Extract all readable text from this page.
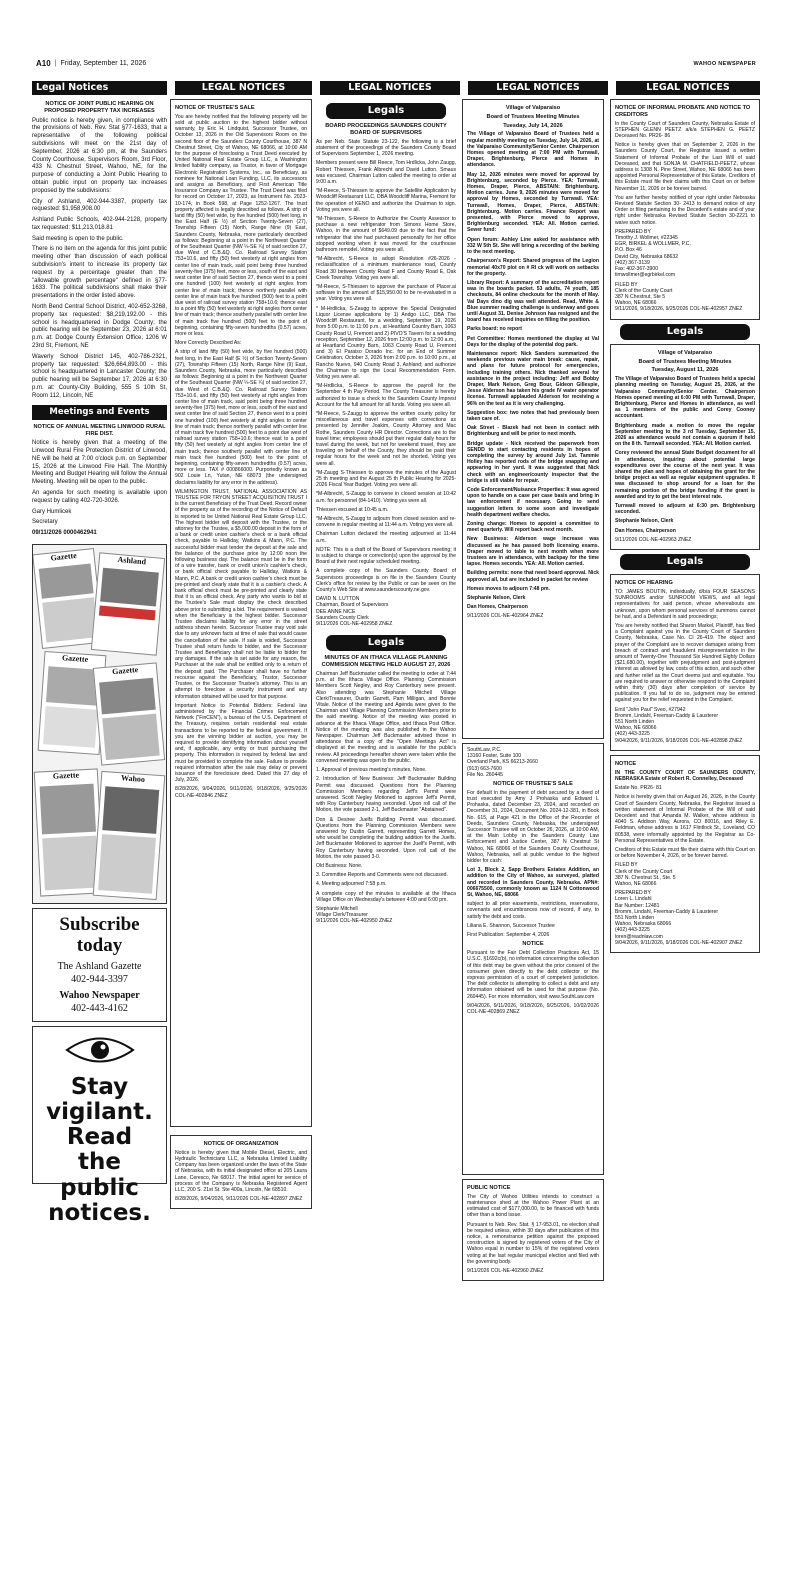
A10 | Friday, September 11, 2026	WAHOO NEWSPAPER
Legal Notices	LEGAL NOTICES	LEGAL NOTICES	LEGAL NOTICES	LEGAL NOTICES
NOTICE OF JOINT PUBLIC HEARING ON PROPOSED PROPERTY TAX INCREASES

Public notice is hereby given, in compliance with the provisions of Neb. Rev. Stat §77-1633, that a representative of the following political subdivisions will meet on the 21st day of September, 2026 at 6:30 pm, at the Saunders County Courthouse, Supervisors Room, 3rd Floor, 433 N. Chestnut Street, Wahoo, NE, for the purpose of conducting a Joint Public Hearing to obtain public input on property tax increases proposed by the subdivisions:

City of Ashland, 402-944-3387, property tax requested: $1,958,908.00

Ashland Public Schools, 402-944-2128, property tax requested: $11,213,018.81

Said meeting is open to the public.

There is no item on the agenda for this joint public meeting other than discussion of each political subdivision's intent to increase its property tax request by a percentage greater than the "allowable growth percentage" defined in §77-1633. The political subdivisions shall make their presentations in the order listed above.

North Bend Central School District, 402-652-3268, property tax requested: $8,219,192.00 - this school is headquartered in Dodge County; the public hearing will be September 23, 2026 at 6:01 p.m. at: Dodge County Extension Office, 1206 W 23rd St, Fremont, NE

Waverly School District 145, 402-786-2321, property tax requested: $26,664,893.00 - this school is headquartered in Lancaster County; the public hearing will be September 17, 2026 at 6:30 p.m. at: County-City Building, 555 S 10th St, Room 112, Lincoln, NE

Meetings and Events
NOTICE OF ANNUAL MEETING LINWOOD RURAL FIRE DIST.

Notice is hereby given that a meeting of the Linwood Rural Fire Protection District of Linwood, NE will be held at 7:00 o'clock p.m. on September 15, 2026 at the Linwood Fire Hall. The Monthly Meeting and Budget Hearing will follow the Annual Meeting. Meeting will be open to the public.

An agenda for such meeting is available upon request by calling 402-720-3026.

Gary Humlicek

Secretary

09/11/2026 0000462941

Gazette	Ashland
Gazette
Gazette
Gazette	Wahoo
Subscribe
today
The Ashland Gazette
402-944-3397
Wahoo Newspaper
402-443-4162
Stay
vigilant.
Read
the
public
notices.
NOTICE OF TRUSTEE'S SALE

You are hereby notified that the following property will be sold at public auction to the highest bidder without warranty, by Eric H. Lindquist, Successor Trustee, on October 13, 2026 in the Old Supervisors Room on the second floor of the Saunders County Courthouse, 387 N Chestnut Street, City of Wahoo, NE 68066, at 10:00 AM for the purpose of foreclosing a Trust Deed executed by United National Real Estate Group LLC, a Washington limited liability company, as Trustor, in favor of Mortgage Electronic Registration Systems, Inc., as Beneficiary, as nominee for National Loan Funding, LLC, its successors and assigns as Beneficiary, and First American Title Insurance Company as Trustee. The Trust Deed was filed for record on October 17, 2023, as Instrument No. 2023-10-174, in Book 598, at Page 1252-1267. The trust property affected is legally described as follows. A strip of land fifty (50) feet wide, by five hundred (500) feet long, in the East Half (E ½) of Section Twenty-Seven (27), Township Fifteen (15) North, Range Nine (9) East, Saunders County, Nebraska, more particularly described as follows: Beginning at a point in the Northwest Quarter of the Southeast Quarter (NW ¼-SE ¼) of said section 27, due West of C.B.&Q. Co. Railroad Survey Station 753+10.6, and fifty (50) feet westerly at right angles from center line of main track, said point being three hundred seventy-five (375) feet, more or less, south of the east and west center line of said Section 27, thence west to a point one hundred (100) feet westerly at right angles from center line of main track; thence northerly parallel with center line of main track five hundred (500) feet to a point due west of railroad survey station 758+10.6; thence east to a point fifty (50) feet westerly at right angles from center line of main track; thence southerly parallel with center line of main track five hundred (500) feet to the point of beginning, containing fifty-seven hundredths (0.57) acres, more or less.

More Correctly Described As:

A strip of land fifty (50) feet wide, by five hundred (500) feet long, in the East Half (E ½) of Section Twenty-Seven (27), Township Fifteen (15) North, Range Nine (9) East, Saunders County, Nebraska, more particularly described as follows: Beginning at a point in the Northwest Quarter of the Southeast Quarter (NW ¼-SE ¼) of said section 27, due West of C.B.&Q. Co. Railroad Survey Station 753+10.6, and fifty (50) feet westerly at right angles from center line of main track, said point being three hundred seventy-five (375) feet, more or less, south of the east and west center line of said Section 27, thence west to a point one hundred (100) feet westerly at right angles to center line of main track; thence northerly parallel with center line of main track five hundred (500) feet to a point due west of railroad survey station 758+10.6; thence east to a point fifty (50) feet westerly at right angles from center line of main track; thence southerly parallel with center line of main track five hundred (500) feet to the point of beginning, containing fifty-seven hundredths (0.57) acres, more or less. TAX # 000866000. Purportedly known as 902 Louie Ln, Yutan, NE 68073 (the undersigned disclaims liability for any error in the address).

WILMINGTON TRUST, NATIONAL ASSOCIATION AS TRUSTEE FOR TRYON STREET ACQUISITION TRUST I is the current Beneficiary of the Trust Deed. Record owner of the property as of the recording of the Notice of Default is reported to be United National Real Estate Group LLC. The highest bidder will deposit with the Trustee, or the attorney for the Trustee, a $5,000.00 deposit in the form of a bank or credit union cashier's check or a bank official check, payable to Halliday, Watkins & Mann, P.C. The successful bidder must tender the deposit at the sale and the balance of the purchase price by 12:00 noon the following business day. The balance must be in the form of a wire transfer, bank or credit union's cashier's check, or bank official check payable to Halliday, Watkins & Mann, P.C. A bank or credit union cashier's check must be pre-printed and clearly state that it is a cashier's check. A bank official check must be pre-printed and clearly state that it is an official check. Any party who wants to bid at the Trustee's Sale must display the check described above prior to submitting a bid. The requirement is waived when the Beneficiary is the highest bidder. Successor Trustee disclaims liability for any error in the street address shown herein. Successor Trustee may void sale due to any unknown facts at time of sale that would cause the cancellation of the sale. If sale is voided, Successor Trustee shall return funds to bidder, and the Successor Trustee and Beneficiary shall not be liable to bidder for any damages. If the sale is set aside for any reason, the Purchaser at the sale shall be entitled only to a return of the deposit paid. The Purchaser shall have no further recourse against the Beneficiary, Trustor, Successor Trustee, or the Successor Trustee's attorney. This is an attempt to foreclose a security instrument and any information obtained will be used for that purpose.

Important Notice to Potential Bidders: Federal law administered by the Financial Crimes Enforcement Network ("FinCEN"), a bureau of the U.S. Department of the Treasury, requires certain residential real estate transactions to be reported to the federal government. If you are the winning bidder at auction, you may be required to provide identifying information about yourself and, if applicable, any entity or trust purchasing the property. This information is required by federal law and must be provided to complete the sale. Failure to provide required information after the sale may delay or prevent issuance of the foreclosure deed. Dated this 27 day of July, 2026.

8/28/2026, 9/04/2026, 9/11/2026, 9/18/2026, 9/25/2026 COL-NE-402846 ZNEZ

NOTICE OF ORGANIZATION

Notice is hereby given that Mobile Diesel, Electric, and Hydraulic Technicians LLC, a Nebraska Limited Liability Company has been organized under the laws of the State of Nebraska, with its initial designated office at 205 Laura Lane, Ceresco, Ne 68017. The initial agent for service of process of the Company is Nebraska Registered Agent LLC, 200 S. 21st St. Ste 400a, Lincoln, Ne 68510.

8/28/2026, 9/04/2026, 9/11/2026 COL-NE-402897 ZNEZ

Legals
BOARD PROCEEDINGS SAUNDERS COUNTY BOARD OF SUPERVISORS

As per Neb. State Statute 23-122, the following is a brief statement of the proceedings of the Saunders County Board of Supervisors September 1, 2026 meeting.

Members present were Bill Reece, Tom Hrdlicka, John Zaugg, Robert Thiessen, Frank Albrecht and David Lutton. Smaus was excused. Chairman Lutton called the meeting to order at 9:00 a.m.

*M-Reece, S-Thiessen to approve the Satellite Application by Woodcliff Restaurant LLC, DBA Woodcliff Marina, Fremont for the operation of KENO and authorize the Chairman to sign. Voting yes were all.

*M-Thiessen, S-Reece to Authorize the County Assessor to purchase a new refrigerator from Simons Home Store, Wahoo, in the amount of $649.09 due to the fact that the refrigerator that she had purchased personally for her office stopped working when it was moved for the courthouse bathroom remodel. Voting yes were all.

*M-Albrecht, S-Reece to adopt Resolution #26-2026 - reclassification of a minimum maintenance road, County Road 30 between County Road F and County Road E, Oak Creek Township. Voting yes were all.

*M-Reece, S-Thiessen to approve the purchase of Placer.ai software in the amount of $15,950.00 to be re-evaluated in a year. Voting yes were all.

* M-Hrdlicka, S-Zaugg to approve the Special Designated Liquor License applications by 1) Andgo LLC, DBA The Woodcliff Restaurant, for a wedding, September 19, 2026 from 5:00 p.m. to 11:00 p.m., at Heartland Country Barn, 1063 County Road U, Fremont and 2) PIVO'S Tavern for a wedding reception, September 12, 2026 from 12:00 p.m. to 12:00 a.m., at Heartland Country Barn, 1063 County Road U, Fremont and 3) El Paraiso Dorado Inc. for an End of Summer Celebration, October 3, 2026 from 2:00 p.m. to 10:00 p.m., at Rancho Nuevo, 940 County Road 3, Ashland; and authorize the Chairman to sign the Local Recommendation Form. Voting yes were all.

*M-Hrdlicka, S-Reece to approve the payroll for the September 4 th Pay Period. The County Treasurer is hereby authorized to issue a check to the Saunders County Imprest Account for the full amount for all funds. Voting yes were all.

*M-Reece, S-Zaugg to approve the written county policy for miscellaneous and travel expenses with corrections as presented by Jennifer Joakim, County Attorney and Mac Rothe, Saunders County HR Director. Corrections are to the travel time; employees should put their regular daily hours for travel during the week, but not for weekend travel, they are traveling on behalf of the County, they should be paid their regular hours for the week and not be shorted. Voting yes were all.

*M-Zaugg S-Thiessen to approve the minutes of the August 25 th meeting and the August 25 th Public Hearing for 2025-2026 Fiscal Year Budget. Voting yes were all.

*M-Albrecht, S-Zaugg to convene in closed session at 10:42 a.m. for personnel (84-1410). Voting yes were all.

Thiessen excused at 10:45 a.m.

*M-Albrecht, S-Zaugg to adjourn from closed session and re-convene in regular meeting at 11:44 a.m. Voting yes were all.

Chairman Lutton declared the meeting adjourned at 11:44 a.m.

NOTE: This is a draft of the Board of Supervisors meeting; it is subject to change or correction(s) upon the approval by the Board at their next regular scheduled meeting.

A complete copy of the Saunders County Board of Supervisors proceedings is on file in the Saunders County Clerk's office for review by the Public or can be seen on the County's Web Site at www.saunderscounty.ne.gov.

DAVID N. LUTTON
Chairman, Board of Supervisors
DEE ANNE NICE
Saunders County Clerk
9/11/2026 COL-NE-402958 ZNEZ

Legals
MINUTES OF AN ITHACA VILLAGE PLANNING COMMISSION MEETING HELD AUGUST 27, 2026

Chairman Jeff Buckmaster called the meeting to order at 7:44 p.m. at the Ithaca Village Office. Planning Commission Members Scott Negley, and Roy Canterbury were present. Also attending was Stephanie Mitchell Village Clerk/Treasurer, Dustin Garrett, Pam Milligan, and Bonnie Vitale. Notice of the meeting and Agenda were given to the Chairman and Village Planning Commission Members prior to the said meeting. Notice of the meeting was posted in advance at the Ithaca Village Office, and Ithaca Post Office. Notice of the meeting was also published in the Wahoo Newspaper. Chairman Jeff Buckmaster advised those in attendance that a copy of the "Open Meetings Act" is displayed at the meeting and is available for the public's review. All proceedings hereafter shown were taken while the convened meeting was open to the public.

1. Approval of previous meeting's minutes. None.

2. Introduction of New Business: Jeff Buckmaster Building Permit was discussed. Questions from the Planning Commission Members regarding Jeff's Permit were answered. Scott Negley Motioned to approve Jeff's Permit, with Roy Canterbury having seconded. Upon roll call of the Motion, the vote passed 2-1, Jeff Buckmaster "Abstained".

Don & Desiree Juelfs Building Permit was discussed. Questions from the Planning Commission Members were answered by Dustin Garrett, representing Garrett Homes, who would be completing the building addition for the Juelfs. Jeff Buckmaster Motioned to approve the Juelf's Permit, with Roy Canterbury having seconded. Upon roll call of the Motion, the vote passed 3-0.

Old Business: None.

3. Committee Reports and Comments were not discussed.

4. Meeting adjourned 7:58 p.m.

A complete copy of the minutes is available at the Ithaca Village Office on Wednesday's between 4:00 and 6:00 pm.

Stephanie Mitchell
Village Clerk/Treasurer
9/11/2026 COL-NE-402950 ZNEZ

Village of Valparaiso
Board of Trustees Meeting Minutes
Tuesday, July 14, 2026

The Village of Valparaiso Board of Trustees held a regular monthly meeting on Tuesday, July 14, 2026, at the Valparaiso Community/Senior Center. Chairperson Homes opened meeting at 7:00 PM with Turnwall, Draper, Brightenburg, Pierce and Homes in attendance.

May 12, 2026 minutes were moved for approval by Brightenburg, seconded by Pierce. YEA: Turnwall, Homes, Draper, Pierce, ABSTAIN: Brightenburg. Motion carries. June 9, 2026 minutes were moved for approval by Homes, seconded by Turnwall. YEA: Turnwall, Homes, Draper, Pierce, ABSTAIN: Brightenburg. Motion carries. Finance Report was presented, with Pierce moved to approve, Brightenburg seconded. YEA: All. Motion carried. Sewer fund:

Open forum: Ashley Line asked for assistance with 332 W 5th St. She will bring a recording of the barking to the next meeting.

Chairperson's Report: Shared progress of the Legion memorial 40x70 plot on # RI ck will work on setbacks for the property.

Library Report: A summary of the accreditation report was in the boards packet. 53 adults, 74 youth, 185 checkouts, 84 online checkouts for the month of May. Val Days dino dig was well attended. Read, White & Blue summer reading challenge is underway and goes until August 31. Denise Johnson has resigned and the board has received inquiries on filling the position.

Parks board: no report

Pet Committee: Homes mentioned the display at Val Days for the display of the potential dog park.

Maintenance report: Nick Sanders summarized the weekends previous water main break: cause, repair, and plans for future protocol for emergencies, including training others. Nick thanked several for assistance in the project including: Jeff and Bobby Draper, Mark Nelson, Greg Bour, Gideon Gillespie, Jesse Alderson has taken his grade IV water operator license. Turnwall applauded Alderson for receiving a 96% on the test as it is very challenging.

Suggestion box: two notes that had previously been taken care of.

Oak Street - Blazek had not been in contact with Brightenburg and will be prior to next month.

Bridge update - Nick received the paperwork from SENDD to start contacting residents in hopes of completing the survey by around July 1st. Tammie Holley has reported rods of the bridge snapping and appearing in her yard. It was suggested that Nick check with an engineer/county inspector that the bridge is still viable for repair.

Code Enforcement/Nuisance Properties: It was agreed upon to handle on a case per case basis and bring in law enforcement if necessary. Going to send suggestion letters to some soon and investigate health department welfare checks.

Zoning change: Homes to appoint a committee to meet quarterly. Will report back next month.

New Business: Alderson wage increase was discussed as he has passed both licensing exams. Draper moved to table to next month when more trustees are in attendance, with backpay for the time lapse. Homes seconds. YEA: All. Motion carried.

Building permits: none that need board approval. Nick approved all, but are included in packet for review

Homes moves to adjourn 7:48 pm.

Stephanie Nelson, Clerk

Dan Homes, Chairperson

9/11/2026 COL-NE-402964 ZNEZ

SouthLaw, P.C.
13160 Foster, Suite 100
Overland Park, KS 66213-2660
(913) 663-7600
File No. 260445

NOTICE OF TRUSTEE'S SALE

For default in the payment of debt secured by a deed of trust executed by Amy J Prohaska and Edward L Prohaska, dated December 23, 2024, and recorded on December 31, 2024, Document No. 2024-12-381, in Book No. 615, at Page 421 in the Office of the Recorder of Deeds, Saunders County, Nebraska, the undersigned Successor Trustee will on October 26, 2026, at 10:00 AM, at the Main Lobby in the Saunders County Law Enforcement and Justice Center, 387 N Chestnut St Wahoo, NE 68066 of the Saunders County Courthouse, Wahoo, Nebraska, sell at public vendue to the highest bidder for cash:

Lot 3, Block 2, Sapp Brothers Estates Addition, an addition to the City of Wahoo, as surveyed, platted and recorded in Saunders County, Nebraska. APN#: 006675500, commonly known as 1124 N Cottonwood St, Wahoo, NE, 68066

subject to all prior easements, restrictions, reservations, covenants and encumbrances now of record, if any, to satisfy the debt and costs.

Liliana E. Shannon, Successor Trustee

First Publication: September 4, 2026

NOTICE

Pursuant to the Fair Debt Collection Practices Act, 15 U.S.C. §1692c(b), no information concerning the collection of this debt may be given without the prior consent of the consumer given directly to the debt collector or the express permission of a court of competent jurisdiction. The debt collector is attempting to collect a debt and any information obtained will be used for that purpose (No. 260445). For more information, visit www.SouthLaw.com

9/04/2026, 9/11/2026, 9/18/2026, 9/25/2026, 10/02/2026 COL-NE-402869 ZNEZ

PUBLIC NOTICE

The City of Wahoo Utilities intends to construct a maintenance shed at the Wahoo Power Plant at an estimated cost of $177,000.00, to be financed with funds other than a bond issue.

Pursuant to Neb. Rev. Stat. § 17-953.01, no election shall be required unless, within 30 days after publication of this notice, a remonstrance petition against the proposed construction is signed by registered voters of the City of Wahoo equal in number to 15% of the registered voters voting at the last regular municipal election and filed with the governing body.

9/11/2026 COL-NE-402960 ZNEZ

NOTICE OF INFORMAL PROBATE AND NOTICE TO CREDITORS

In the County Court of Saunders County, Nebraska Estate of STEPHEN GLENN PEETZ a/k/a STEPHEN G. PEETZ Deceased No. PR26- 86

Notice is hereby given that on September 2, 2026 in the Saunders County Court, the Registrar issued a written Statement of Informal Probate of the Last Will of said Deceased, and that SONJA M. CHATFIELD-PEETZ, whose address is 1308 N. Pine Street, Wahoo, NE 68066 has been appointed Personal Representative of this Estate. Creditors of this Estate must file their claims with this Court on or before November 11, 2026 or be forever barred.

You are further hereby notified of your right under Nebraska Revised Statute Section 30- 2413 to demand notice of any Order or filing pertaining to the Decedent's estate and of your right under Nebraska Revised Statute Section 30-2221 to waive such notice.

PREPARED BY
Timothy J. Wollmer, #22345
EGR, BIRKEL & WOLLMER, P.C.
P.O. Box 46
David City, Nebraska 68632
(402) 367-3139
Fax: 402-367-3900
timwollmer@egrbirkel.com

FILED BY
Clerk of the County Court
387 N Chestnut, Ste 5
Wahoo, NE 68066
9/11/2026, 9/18/2026, 9/25/2026 COL-NE-402957 ZNEZ

Legals
Village of Valparaiso
Board of Trustees Meeting Minutes
Tuesday, August 11, 2026

The Village of Valparaiso Board of Trustees held a special planning meeting on Tuesday, August 25, 2026, at the Valparaiso Community/Senior Center. Chairperson Homes opened meeting at 6:00 PM with Turnwall, Draper, Brightenburg, Pierce and Homes in attendance, as well as 1 members of the public and Corey Cooney accountant.

Brightenburg made a motion to move the regular September meeting to the 3 rd Tuesday, September 15, 2026 as attendance would not contain a quorum if held on the 8 th. Turnwall seconded. YEA: All. Motion carried.

Corey reviewed the annual State Budget document for all in attendance, inquiring about potential large expenditures over the course of the next year. It was shared the plan and hopes of obtaining the grant for the bridge project as well as regular equipment upgrades. It was discussed to shop around for a loan for the remaining portion of the bridge funding if the grant is awarded and try to get the best interest rate.

Turnwall moved to adjourn at 6:30 pm. Brightenburg seconded.

Stephanie Nelson, Clerk

Dan Homes, Chairperson

9/11/2026 COL-NE-402963 ZNEZ

Legals
NOTICE OF HEARING

TO: JAMES BOUTIN, individually, d/b/a FOUR SEASONS SUNROOMS and/or SUNROOM VIEWS, and all legal representatives for said person, whose whereabouts are unknown, upon whom personal services of summons cannot be had, and a Defendant in said proceedings;

You are hereby notified that Sharon Markel, Plaintiff, has filed a Complaint against you in the County Court of Saunders County, Nebraska, Case No. CI 26-419. The object and prayer of the Complaint are to recover damages arising from breach of contract and fraudulent misrepresentation in the amount of Twenty-One Thousand Six Hundred Eighty Dollars ($21,680.00), together with prejudgment and post-judgment interest as allowed by law, costs of this action, and such other and further relief as the Court deems just and equitable. You are required to answer or otherwise respond to the Complaint within thirty (30) days after completion of service by publication. If you fail to do so, judgment may be entered against you for the relief requested in the Complaint.

Emil "John Paul" Sveo, #27942
Bromm, Lindahl, Freeman-Caddy & Lausterer
551 North Linden
Wahoo, NE 68066
(402) 443-3225
9/04/2026, 9/11/2026, 9/18/2026 COL-NE-402898 ZNEZ

NOTICE

IN THE COUNTY COURT OF SAUNDERS COUNTY, NEBRASKA Estate of Robert R. Connelley, Deceased

Estate No. PR26- 81

Notice is hereby given that on August 26, 2026, in the County Court of Saunders County, Nebraska, the Registrar issued a written statement of Informal Probate of the Will of said Decedent and that Amanda M. Walker, whose address is 4040 S. Addison Way, Aurora, CO 80016, and Riley E. Feldman, whose address is 1617 Flintlock St., Loveland, CO 80538, were informally appointed by the Registrar as Co-Personal Representatives of the Estate.

Creditors of this Estate must file their claims with this Court on or before November 4, 2026, or be forever barred.

FILED BY
Clerk of the County Court
387 N. Chestnut St., Ste. 5
Wahoo, NE 68066

PREPARED BY
Loren L. Lindahl
Bar Number: 12481
Bromm, Lindahl, Freeman-Caddy & Lausterer
551 North Linden
Wahoo, Nebraska 68066
(402) 443-3225
loren@readnlaw.com
9/04/2026, 9/11/2026, 9/18/2026 COL-NE-402907 ZNEZ
